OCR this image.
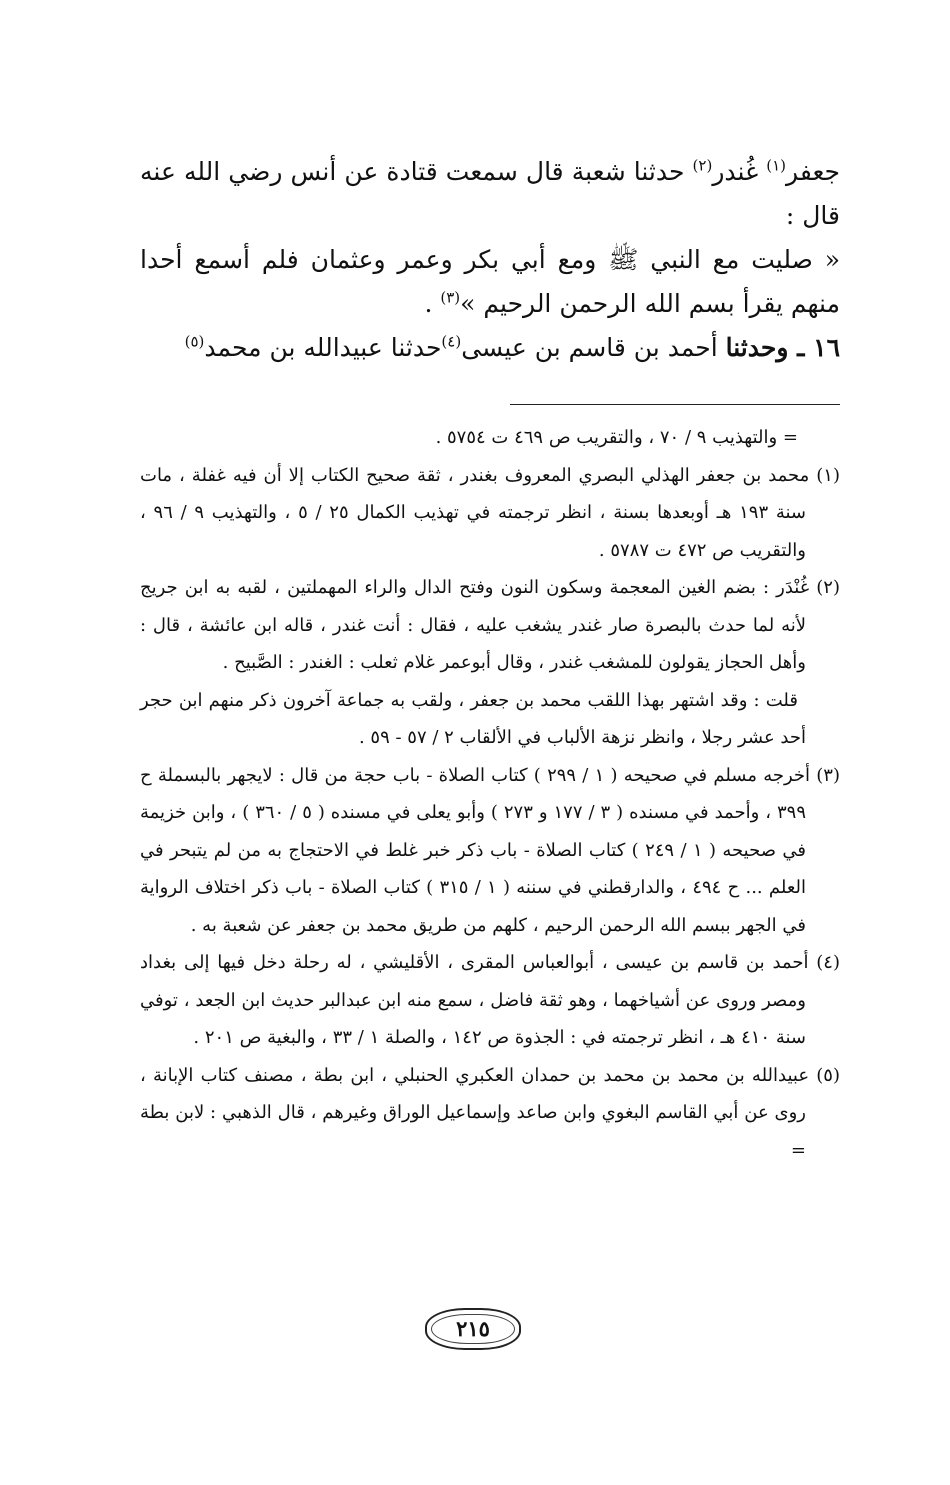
جعفر$^{(١)}$ غُندر$^{(٢)}$ حدثنا شعبة قال سمعت قتادة عن أنس رضي الله عنه قال :

« صليت مع النبي ﷺ ومع أبي بكر وعمر وعثمان فلم أسمع أحدا منهم يقرأ بسم الله الرحمن الرحيم »$^{(٣)}$ .

١٦ ـ وحدثنا أحمد بن قاسم بن عيسى$^{(٤)}$حدثنا عبيدالله بن محمد$^{(٥)}$

= والتهذيب ٩ / ٧٠ ، والتقريب ص ٤٦٩ ت ٥٧٥٤ .

(١) محمد بن جعفر الهذلي البصري المعروف بغندر ، ثقة صحيح الكتاب إلا أن فيه غفلة ، مات سنة ١٩٣ هـ أوبعدها بسنة ، انظر ترجمته في تهذيب الكمال ٢٥ / ٥ ، والتهذيب ٩ / ٩٦ ، والتقريب ص ٤٧٢ ت ٥٧٨٧ .

(٢) غُنْدَر : بضم الغين المعجمة وسكون النون وفتح الدال والراء المهملتين ، لقبه به ابن جريج لأنه لما حدث بالبصرة صار غندر يشغب عليه ، فقال : أنت غندر ، قاله ابن عائشة ، قال : وأهل الحجاز يقولون للمشغب غندر ، وقال أبوعمر غلام ثعلب : الغندر : الصَّبيح .

قلت : وقد اشتهر بهذا اللقب محمد بن جعفر ، ولقب به جماعة آخرون ذكر منهم ابن حجر أحد عشر رجلا ، وانظر نزهة الألباب في الألقاب ٢ / ٥٧ - ٥٩ .

(٣) أخرجه مسلم في صحيحه ( ١ / ٢٩٩ ) كتاب الصلاة - باب حجة من قال : لايجهر بالبسملة ح ٣٩٩ ، وأحمد في مسنده ( ٣ / ١٧٧ و ٢٧٣ ) وأبو يعلى في مسنده ( ٥ / ٣٦٠ ) ، وابن خزيمة في صحيحه ( ١ / ٢٤٩ ) كتاب الصلاة - باب ذكر خبر غلط في الاحتجاج به من لم يتبحر في العلم ... ح ٤٩٤ ، والدارقطني في سننه ( ١ / ٣١٥ ) كتاب الصلاة - باب ذكر اختلاف الرواية في الجهر ببسم الله الرحمن الرحيم ، كلهم من طريق محمد بن جعفر عن شعبة به .

(٤) أحمد بن قاسم بن عيسى ، أبوالعباس المقرى ، الأقليشي ، له رحلة دخل فيها إلى بغداد ومصر وروى عن أشياخهما ، وهو ثقة فاضل ، سمع منه ابن عبدالبر حديث ابن الجعد ، توفي سنة ٤١٠ هـ ، انظر ترجمته في : الجذوة ص ١٤٢ ، والصلة ١ / ٣٣ ، والبغية ص ٢٠١ .

(٥) عبيدالله بن محمد بن محمد بن حمدان العكبري الحنبلي ، ابن بطة ، مصنف كتاب الإبانة ، روى عن أبي القاسم البغوي وابن صاعد وإسماعيل الوراق وغيرهم ، قال الذهبي : لابن بطة =

٢١٥
